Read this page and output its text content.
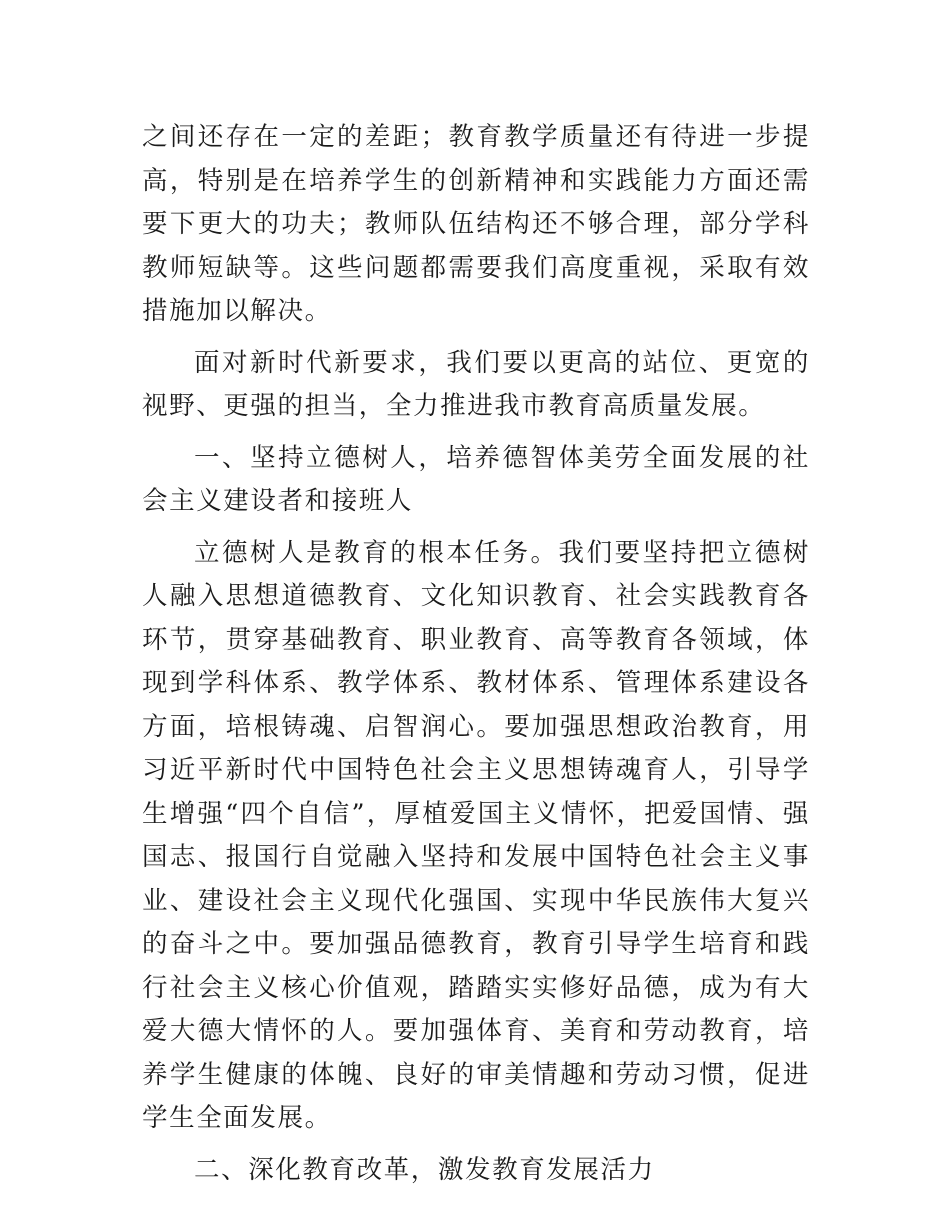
之间还存在一定的差距；教育教学质量还有待进一步提高，特别是在培养学生的创新精神和实践能力方面还需要下更大的功夫；教师队伍结构还不够合理，部分学科教师短缺等。这些问题都需要我们高度重视，采取有效措施加以解决。

面对新时代新要求，我们要以更高的站位、更宽的视野、更强的担当，全力推进我市教育高质量发展。

一、坚持立德树人，培养德智体美劳全面发展的社会主义建设者和接班人

立德树人是教育的根本任务。我们要坚持把立德树人融入思想道德教育、文化知识教育、社会实践教育各环节，贯穿基础教育、职业教育、高等教育各领域，体现到学科体系、教学体系、教材体系、管理体系建设各方面，培根铸魂、启智润心。要加强思想政治教育，用习近平新时代中国特色社会主义思想铸魂育人，引导学生增强“四个自信”，厚植爱国主义情怀，把爱国情、强国志、报国行自觉融入坚持和发展中国特色社会主义事业、建设社会主义现代化强国、实现中华民族伟大复兴的奋斗之中。要加强品德教育，教育引导学生培育和践行社会主义核心价值观，踏踏实实修好品德，成为有大爱大德大情怀的人。要加强体育、美育和劳动教育，培养学生健康的体魄、良好的审美情趣和劳动习惯，促进学生全面发展。

二、深化教育改革，激发教育发展活力
